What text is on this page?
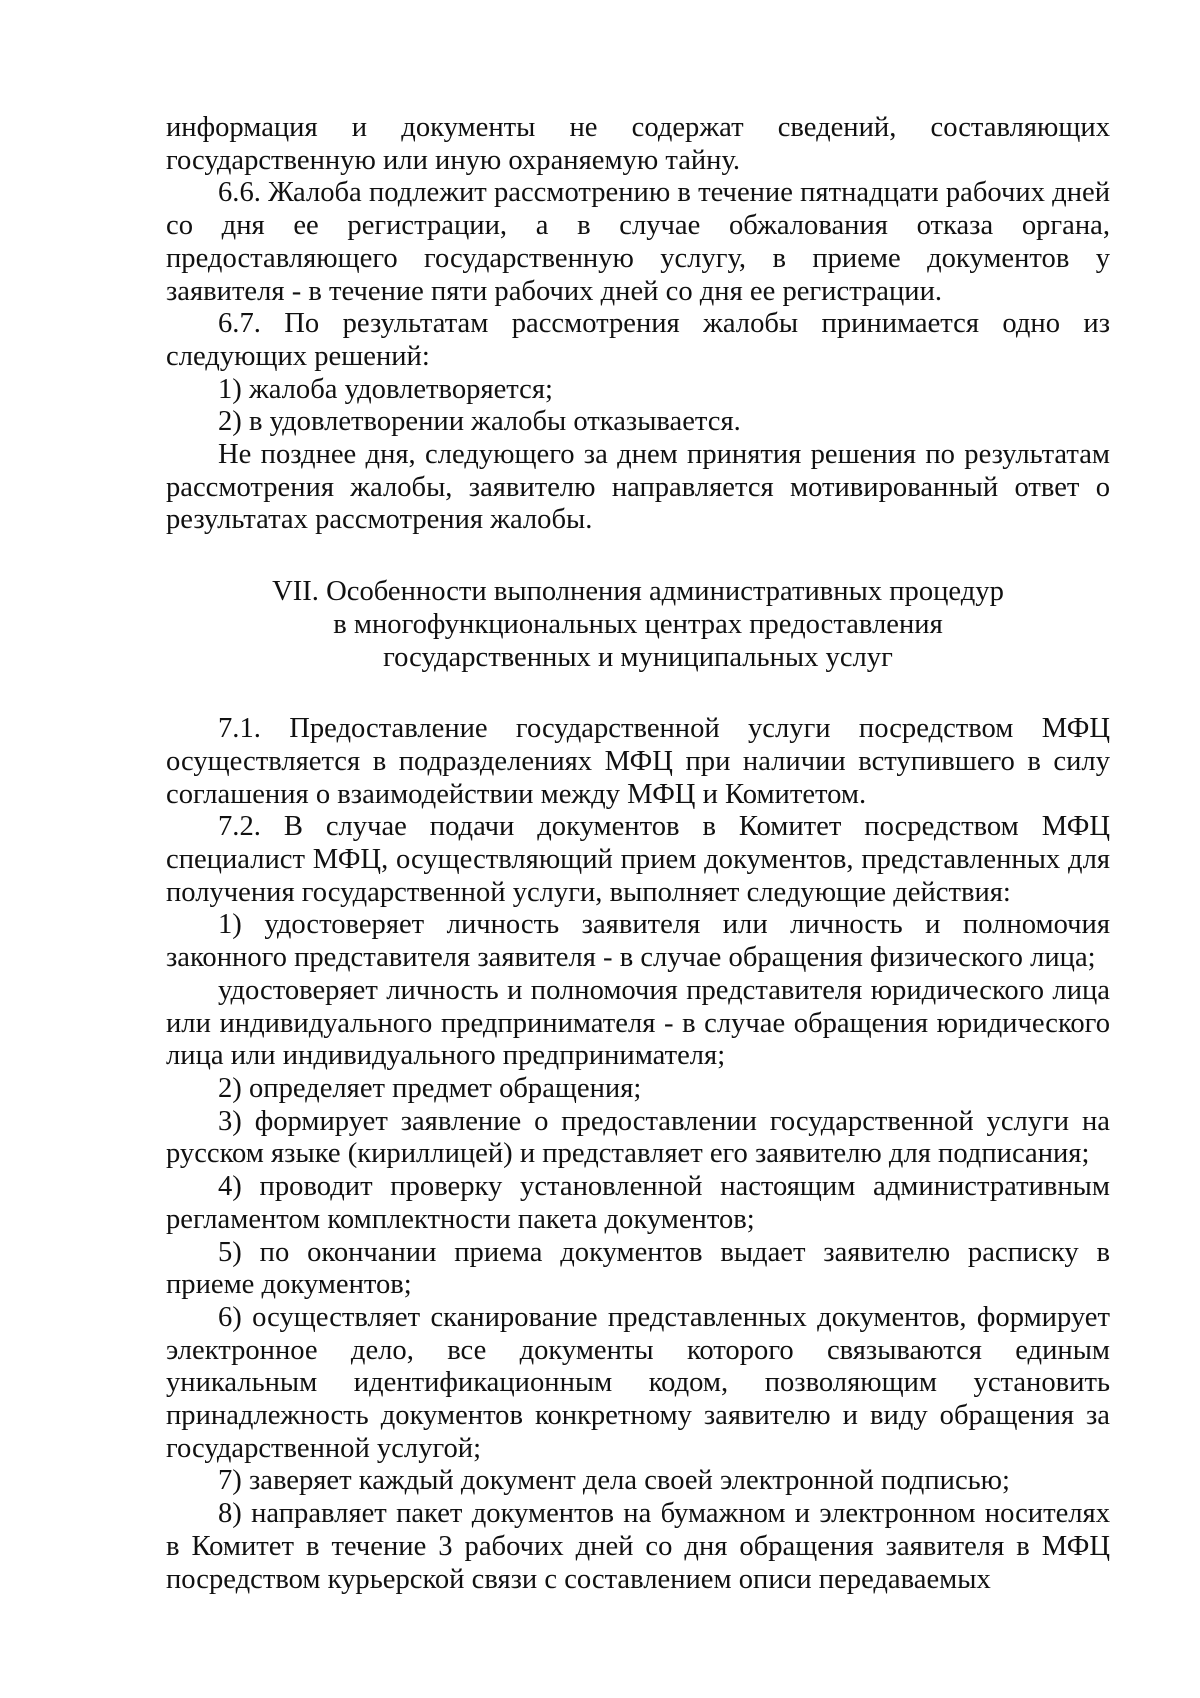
информация и документы не содержат сведений, составляющих государственную или иную охраняемую тайну.

6.6. Жалоба подлежит рассмотрению в течение пятнадцати рабочих дней со дня ее регистрации, а в случае обжалования отказа органа, предоставляющего государственную услугу, в приеме документов у заявителя - в течение пяти рабочих дней со дня ее регистрации.

6.7. По результатам рассмотрения жалобы принимается одно из следующих решений:

1) жалоба удовлетворяется;

2) в удовлетворении жалобы отказывается.

Не позднее дня, следующего за днем принятия решения по результатам рассмотрения жалобы, заявителю направляется мотивированный ответ о результатах рассмотрения жалобы.

VII. Особенности выполнения административных процедур

в многофункциональных центрах предоставления

государственных и муниципальных услуг

7.1. Предоставление государственной услуги посредством МФЦ осуществляется в подразделениях МФЦ при наличии вступившего в силу соглашения о взаимодействии между МФЦ и Комитетом.

7.2. В случае подачи документов в Комитет посредством МФЦ специалист МФЦ, осуществляющий прием документов, представленных для получения государственной услуги, выполняет следующие действия:

1) удостоверяет личность заявителя или личность и полномочия законного представителя заявителя - в случае обращения физического лица;

удостоверяет личность и полномочия представителя юридического лица или индивидуального предпринимателя - в случае обращения юридического лица или индивидуального предпринимателя;

2) определяет предмет обращения;

3) формирует заявление о предоставлении государственной услуги на русском языке (кириллицей) и представляет его заявителю для подписания;

4) проводит проверку установленной настоящим административным регламентом комплектности пакета документов;

5) по окончании приема документов выдает заявителю расписку в приеме документов;

6) осуществляет сканирование представленных документов, формирует электронное дело, все документы которого связываются единым уникальным идентификационным кодом, позволяющим установить принадлежность документов конкретному заявителю и виду обращения за государственной услугой;

7) заверяет каждый документ дела своей электронной подписью;

8) направляет пакет документов на бумажном и электронном носителях в Комитет в течение 3 рабочих дней со дня обращения заявителя в МФЦ посредством курьерской связи с составлением описи передаваемых
